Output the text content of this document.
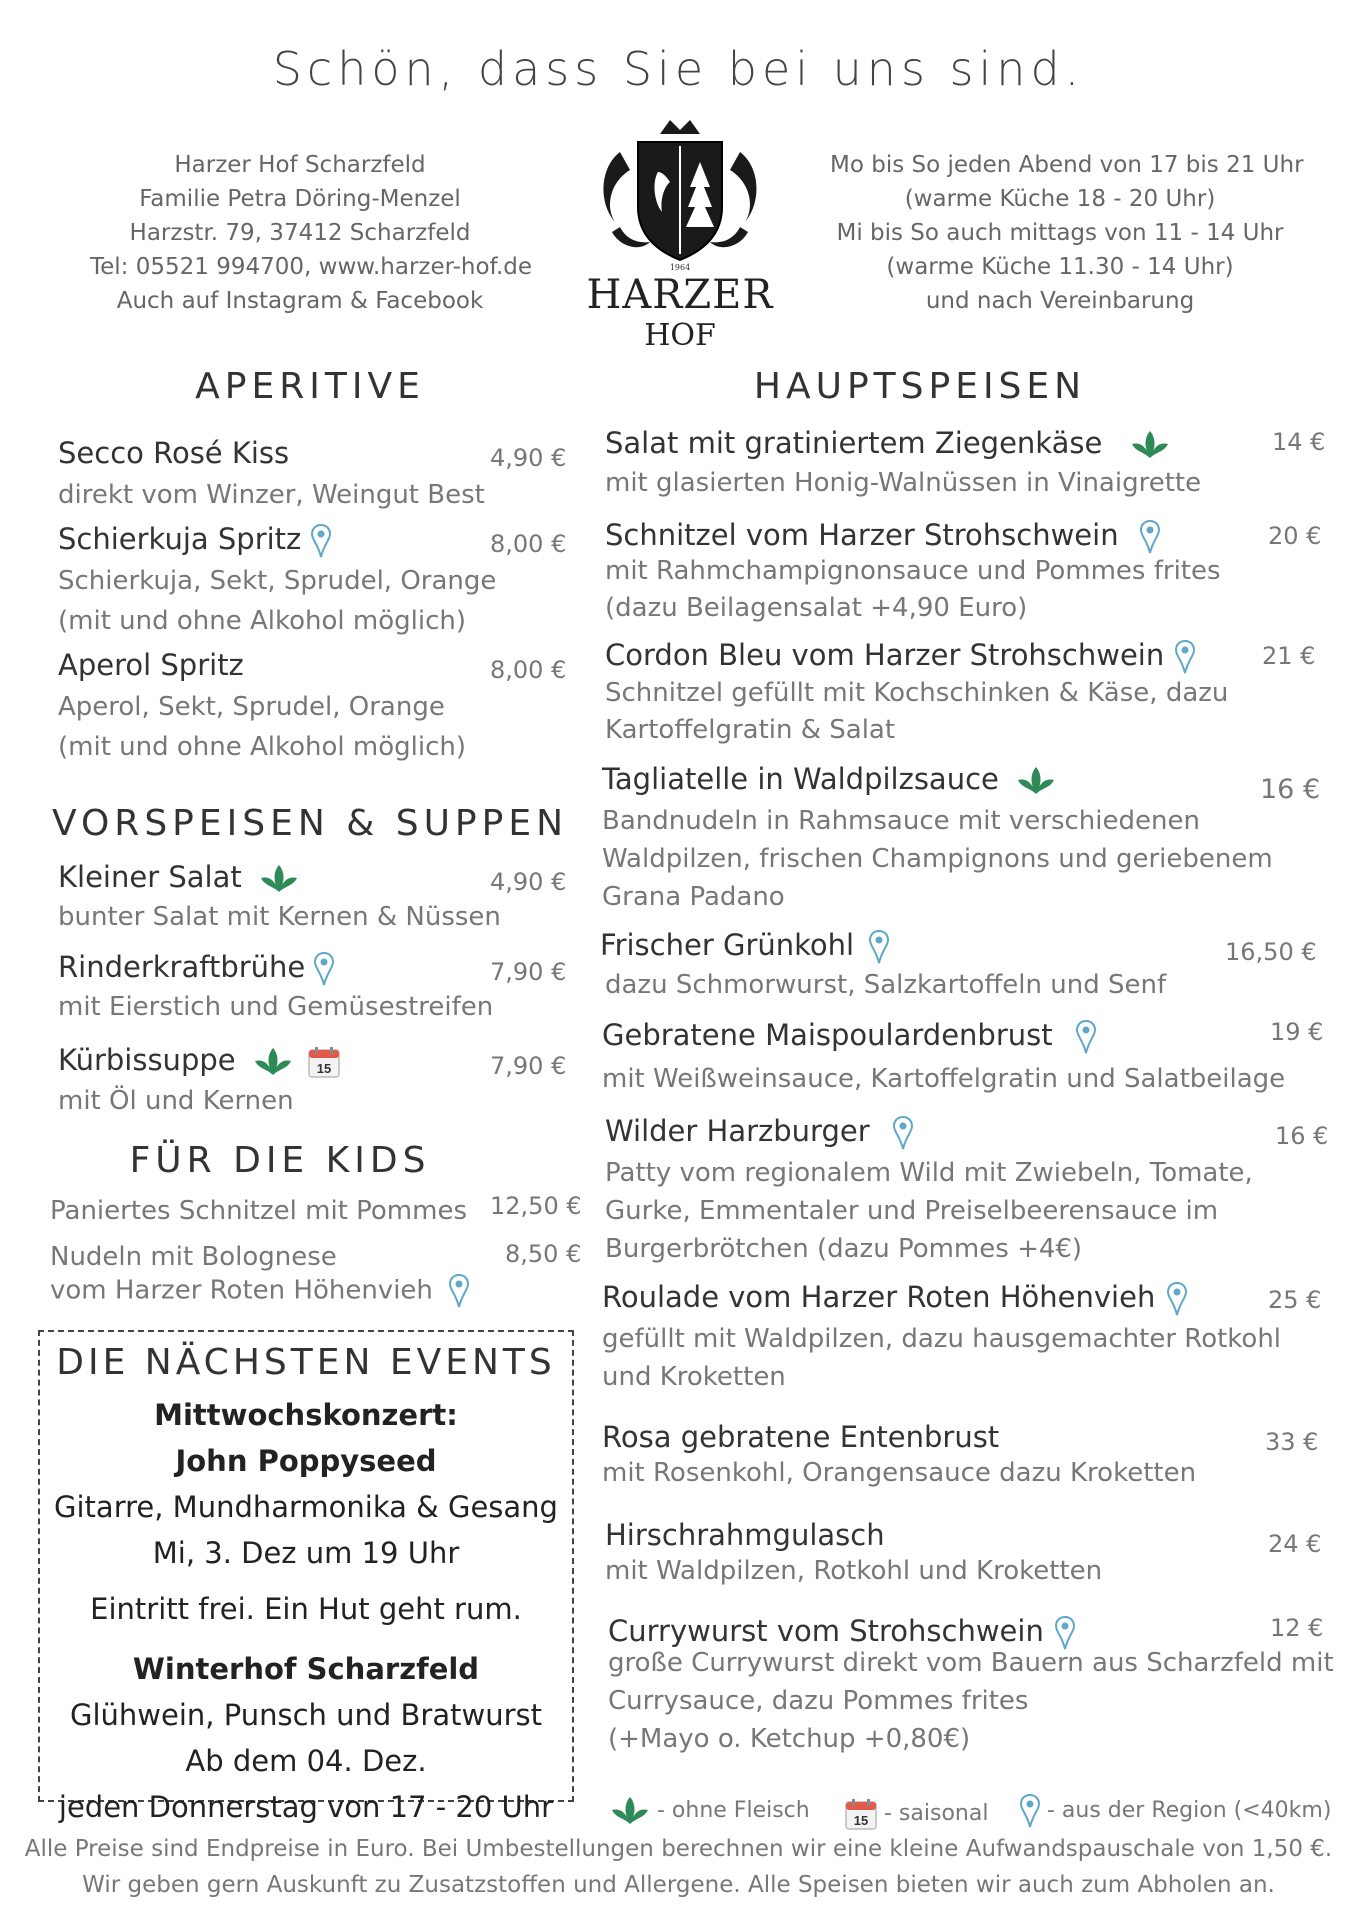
Schön, dass Sie bei uns sind.
Harzer Hof Scharzfeld
Familie Petra Döring-Menzel
Harzstr. 79, 37412 Scharzfeld
Tel: 05521 994700, www.harzer-hof.de
Auch auf Instagram & Facebook
Mo bis So jeden Abend von 17 bis 21 Uhr
(warme Küche 18 - 20 Uhr)
Mi bis So auch mittags von 11 - 14 Uhr
(warme Küche 11.30 - 14 Uhr)
und nach Vereinbarung
1964
HARZER
HOF
APERITIVE
Secco Rosé Kiss	4,90 €
direkt vom Winzer, Weingut Best
Schierkuja Spritz	8,00 €
Schierkuja, Sekt, Sprudel, Orange
(mit und ohne Alkohol möglich)
Aperol Spritz	8,00 €
Aperol, Sekt, Sprudel, Orange
(mit und ohne Alkohol möglich)
VORSPEISEN & SUPPEN
Kleiner Salat	4,90 €
bunter Salat mit Kernen & Nüssen
Rinderkraftbrühe	7,90 €
mit Eierstich und Gemüsestreifen
Kürbissuppe	7,90 €
mit Öl und Kernen
FÜR DIE KIDS
Paniertes Schnitzel mit Pommes 12,50 €
Nudeln mit Bolognese	8,50 €
vom Harzer Roten Höhenvieh
DIE NÄCHSTEN EVENTS
Mittwochskonzert:
John Poppyseed
Gitarre, Mundharmonika & Gesang
Mi, 3. Dez um 19 Uhr
Eintritt frei. Ein Hut geht rum.
Winterhof Scharzfeld
Glühwein, Punsch und Bratwurst
Ab dem 04. Dez.
jeden Donnerstag von 17 - 20 Uhr
HAUPTSPEISEN
Salat mit gratiniertem Ziegenkäse	14 €
mit glasierten Honig-Walnüssen in Vinaigrette
Schnitzel vom Harzer Strohschwein	20 €
mit Rahmchampignonsauce und Pommes frites
(dazu Beilagensalat +4,90 Euro)
Cordon Bleu vom Harzer Strohschwein	21 €
Schnitzel gefüllt mit Kochschinken & Käse, dazu
Kartoffelgratin & Salat
Tagliatelle in Waldpilzsauce	16 €
Bandnudeln in Rahmsauce mit verschiedenen
Waldpilzen, frischen Champignons und geriebenem
Grana Padano
Frischer Grünkohl	16,50 €
dazu Schmorwurst, Salzkartoffeln und Senf
Gebratene Maispoulardenbrust	19 €
mit Weißweinsauce, Kartoffelgratin und Salatbeilage
Wilder Harzburger	16 €
Patty vom regionalem Wild mit Zwiebeln, Tomate,
Gurke, Emmentaler und Preiselbeerensauce im
Burgerbrötchen (dazu Pommes +4€)
Roulade vom Harzer Roten Höhenvieh	25 €
gefüllt mit Waldpilzen, dazu hausgemachter Rotkohl
und Kroketten
Rosa gebratene Entenbrust	33 €
mit Rosenkohl, Orangensauce dazu Kroketten
Hirschrahmgulasch	24 €
mit Waldpilzen, Rotkohl und Kroketten
Currywurst vom Strohschwein	12 €
große Currywurst direkt vom Bauern aus Scharzfeld mit
Currysauce, dazu Pommes frites
(+Mayo o. Ketchup +0,80€)
- ohne Fleisch	- saisonal	- aus der Region (<40km)
Alle Preise sind Endpreise in Euro. Bei Umbestellungen berechnen wir eine kleine Aufwandspauschale von 1,50 €.
Wir geben gern Auskunft zu Zusatzstoffen und Allergene. Alle Speisen bieten wir auch zum Abholen an.
